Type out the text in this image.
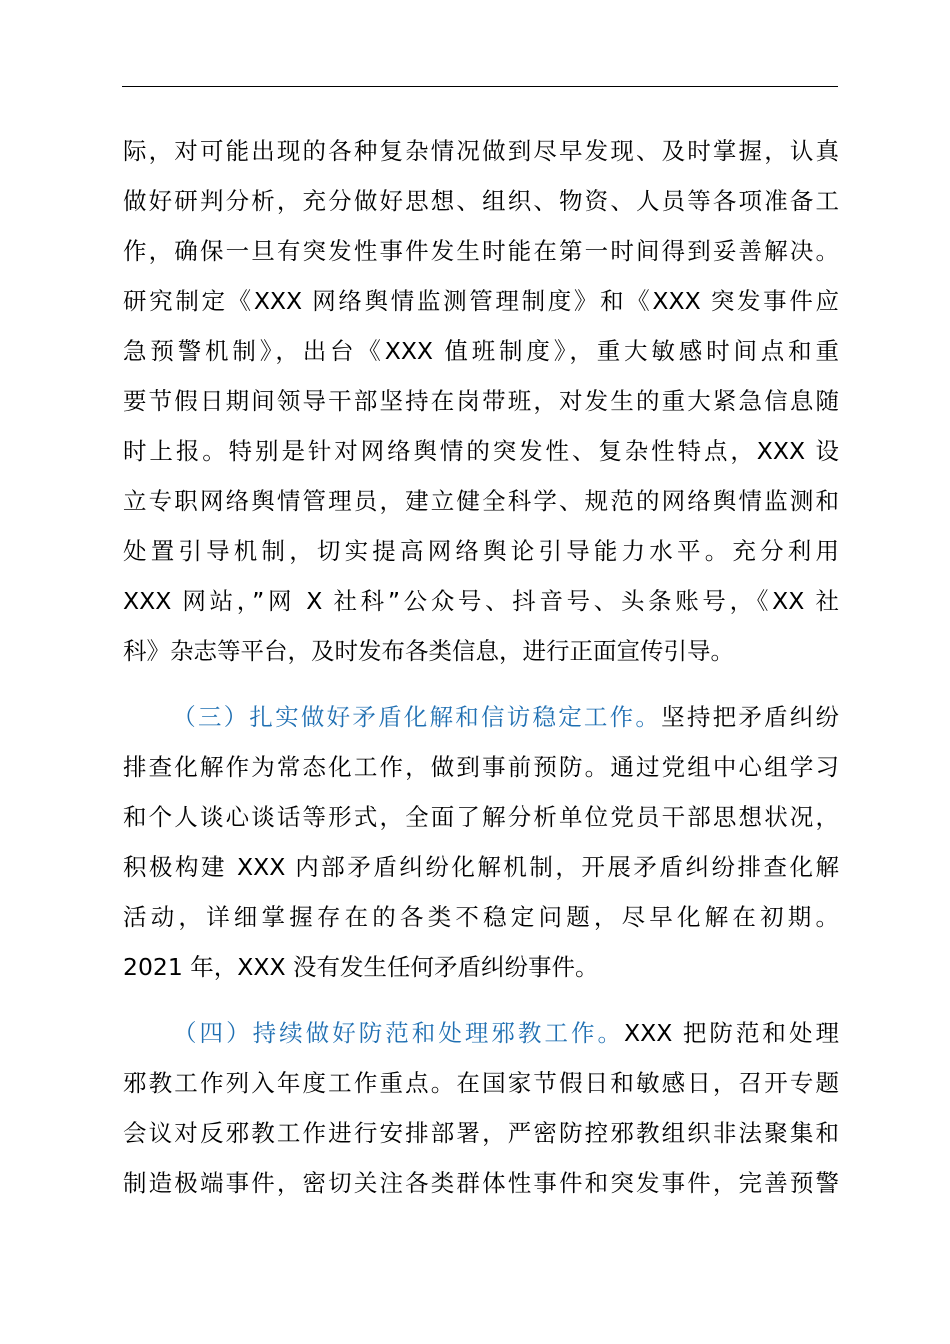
际，对可能出现的各种复杂情况做到尽早发现、及时掌握，认真
做好研判分析，充分做好思想、组织、物资、人员等各项准备工
作，确保一旦有突发性事件发生时能在第一时间得到妥善解决。
研究制定《XXX 网络舆情监测管理制度》和《XXX 突发事件应
急预警机制》，出台《XXX 值班制度》，重大敏感时间点和重
要节假日期间领导干部坚持在岗带班，对发生的重大紧急信息随
时上报。特别是针对网络舆情的突发性、复杂性特点，XXX 设
立专职网络舆情管理员，建立健全科学、规范的网络舆情监测和
处置引导机制，切实提高网络舆论引导能力水平。充分利用
XXX 网站，”网 X 社科”公众号、抖音号、头条账号，《XX 社
科》杂志等平台，及时发布各类信息，进行正面宣传引导。
（三）扎实做好矛盾化解和信访稳定工作。坚持把矛盾纠纷
排查化解作为常态化工作，做到事前预防。通过党组中心组学习
和个人谈心谈话等形式，全面了解分析单位党员干部思想状况，
积极构建 XXX 内部矛盾纠纷化解机制，开展矛盾纠纷排查化解
活动，详细掌握存在的各类不稳定问题，尽早化解在初期。
2021 年，XXX 没有发生任何矛盾纠纷事件。
（四）持续做好防范和处理邪教工作。XXX 把防范和处理
邪教工作列入年度工作重点。在国家节假日和敏感日，召开专题
会议对反邪教工作进行安排部署，严密防控邪教组织非法聚集和
制造极端事件，密切关注各类群体性事件和突发事件，完善预警
